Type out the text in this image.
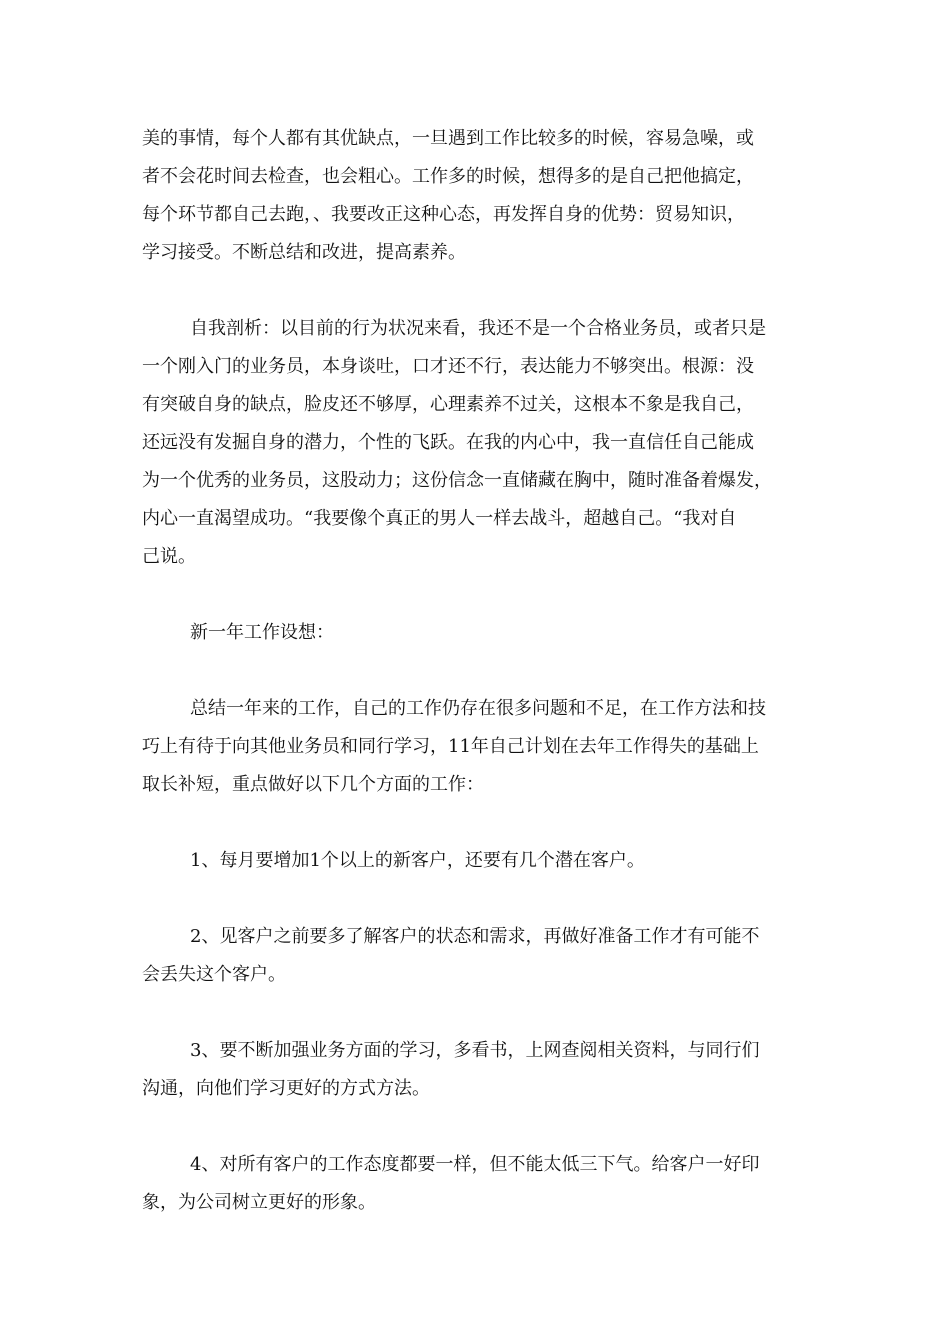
美的事情，每个人都有其优缺点，一旦遇到工作比较多的时候，容易急噪，或
者不会花时间去检查，也会粗心。工作多的时候，想得多的是自己把他搞定，
每个环节都自己去跑，、我要改正这种心态，再发挥自身的优势：贸易知识，
学习接受。不断总结和改进，提高素养。

自我剖析：以目前的行为状况来看，我还不是一个合格业务员，或者只是
一个刚入门的业务员，本身谈吐，口才还不行，表达能力不够突出。根源：没
有突破自身的缺点，脸皮还不够厚，心理素养不过关，这根本不象是我自己，
还远没有发掘自身的潜力，个性的飞跃。在我的内心中，我一直信任自己能成
为一个优秀的业务员，这股动力；这份信念一直储藏在胸中，随时准备着爆发，
内心一直渴望成功。“我要像个真正的男人一样去战斗，超越自己。“我对自
己说。

新一年工作设想：

总结一年来的工作，自己的工作仍存在很多问题和不足，在工作方法和技
巧上有待于向其他业务员和同行学习，11年自己计划在去年工作得失的基础上
取长补短，重点做好以下几个方面的工作：

1、每月要增加1个以上的新客户，还要有几个潜在客户。

2、见客户之前要多了解客户的状态和需求，再做好准备工作才有可能不
会丢失这个客户。

3、要不断加强业务方面的学习，多看书，上网查阅相关资料，与同行们
沟通，向他们学习更好的方式方法。

4、对所有客户的工作态度都要一样，但不能太低三下气。给客户一好印
象，为公司树立更好的形象。
